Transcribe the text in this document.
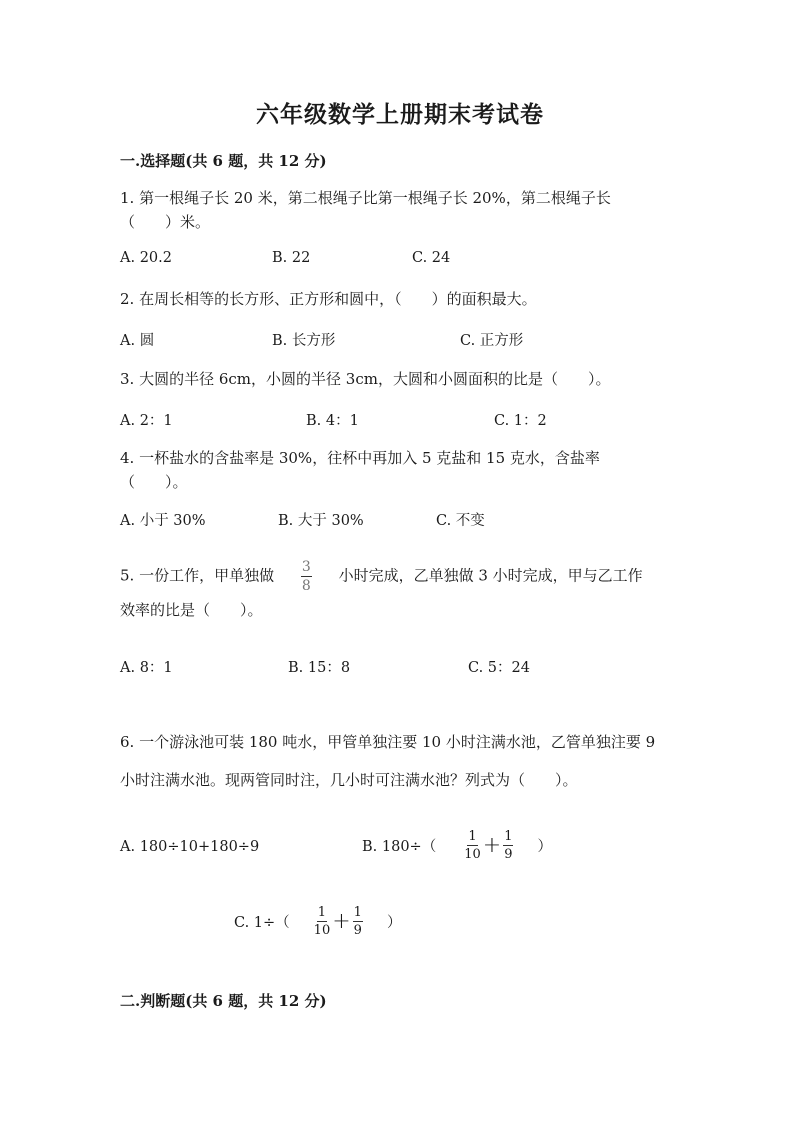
六年级数学上册期末考试卷
一.选择题(共 6 题，共 12 分)
1. 第一根绳子长 20 米，第二根绳子比第一根绳子长 20%，第二根绳子长
（　　）米。
A. 20.2	B. 22	C. 24
2. 在周长相等的长方形、正方形和圆中，（　　）的面积最大。
A. 圆	B. 长方形	C. 正方形
3. 大圆的半径 6cm，小圆的半径 3cm，大圆和小圆面积的比是（　　）。
A. 2：1	B. 4：1	C. 1：2
4. 一杯盐水的含盐率是 30%，往杯中再加入 5 克盐和 15 克水，含盐率
（　　）。
A. 小于 30%	B. 大于 30%	C. 不变
5. 一份工作，甲单独做 $\frac{3}{8}$ 小时完成，乙单独做 3 小时完成，甲与乙工作
效率的比是（　　）。
A. 8：1	B. 15：8	C. 5：24
6. 一个游泳池可装 180 吨水，甲管单独注要 10 小时注满水池，乙管单独注要 9
小时注满水池。现两管同时注，几小时可注满水池？列式为（　　）。
A. 180÷10+180÷9	B. $180\div( \frac{1}{10} + \frac{1}{9}$ ）
C. $1\div( \frac{1}{10} + \frac{1}{9}$ ）
二.判断题(共 6 题，共 12 分)
